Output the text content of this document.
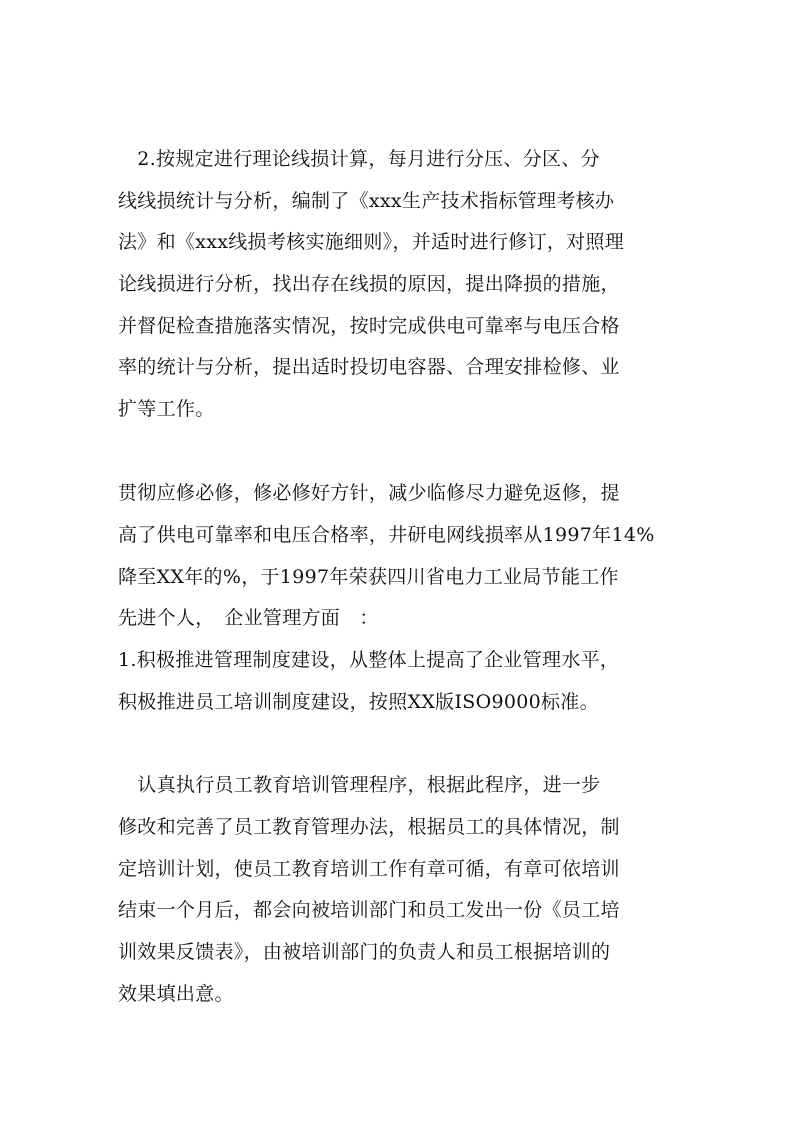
　2.按规定进行理论线损计算，每月进行分压、分区、分
线线损统计与分析，编制了《xxx生产技术指标管理考核办
法》和《xxx线损考核实施细则》，并适时进行修订，对照理
论线损进行分析，找出存在线损的原因，提出降损的措施，
并督促检查措施落实情况，按时完成供电可靠率与电压合格
率的统计与分析，提出适时投切电容器、合理安排检修、业
扩等工作。
贯彻应修必修，修必修好方针，减少临修尽力避免返修，提
高了供电可靠率和电压合格率，井研电网线损率从1997年14%
降至XX年的%，于1997年荣获四川省电力工业局节能工作
先进个人，　企业管理方面　：
1.积极推进管理制度建设，从整体上提高了企业管理水平，
积极推进员工培训制度建设，按照XX版ISO9000标准。
　认真执行员工教育培训管理程序，根据此程序，进一步
修改和完善了员工教育管理办法，根据员工的具体情况，制
定培训计划，使员工教育培训工作有章可循，有章可依培训
结束一个月后，都会向被培训部门和员工发出一份《员工培
训效果反馈表》，由被培训部门的负责人和员工根据培训的
效果填出意。
